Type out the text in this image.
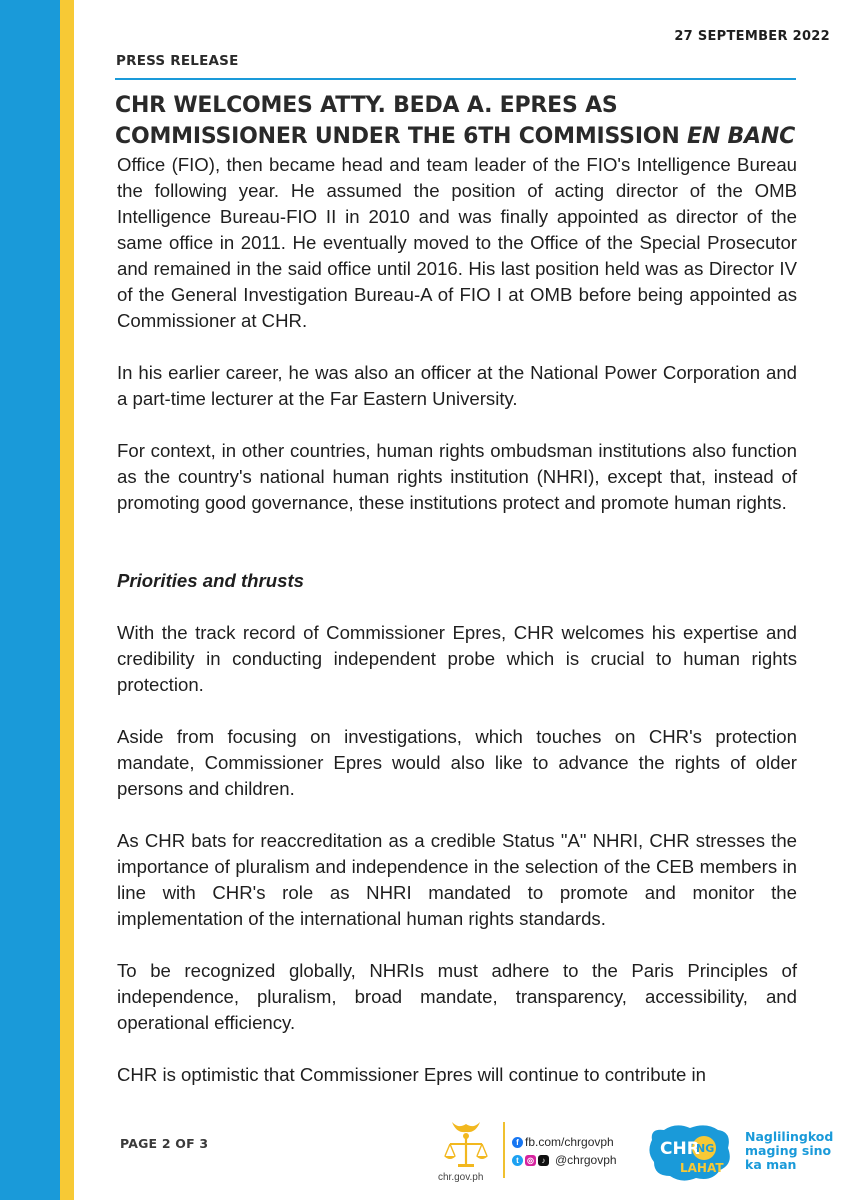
27 SEPTEMBER 2022
PRESS RELEASE
CHR WELCOMES ATTY. BEDA A. EPRES AS
COMMISSIONER UNDER THE 6TH COMMISSION EN BANC

Office (FIO), then became head and team leader of the FIO's Intelligence Bureau the following year. He assumed the position of acting director of the OMB Intelligence Bureau-FIO II in 2010 and was finally appointed as director of the same office in 2011. He eventually moved to the Office of the Special Prosecutor and remained in the said office until 2016. His last position held was as Director IV of the General Investigation Bureau-A of FIO I at OMB before being appointed as Commissioner at CHR.

In his earlier career, he was also an officer at the National Power Corporation and a part-time lecturer at the Far Eastern University.

For context, in other countries, human rights ombudsman institutions also function as the country's national human rights institution (NHRI), except that, instead of promoting good governance, these institutions protect and promote human rights.

Priorities and thrusts

With the track record of Commissioner Epres, CHR welcomes his expertise and credibility in conducting independent probe which is crucial to human rights protection.

Aside from focusing on investigations, which touches on CHR's protection mandate, Commissioner Epres would also like to advance the rights of older persons and children.

As CHR bats for reaccreditation as a credible Status "A" NHRI, CHR stresses the importance of pluralism and independence in the selection of the CEB members in line with CHR's role as NHRI mandated to promote and monitor the implementation of the international human rights standards.

To be recognized globally, NHRIs must adhere to the Paris Principles of independence, pluralism, broad mandate, transparency, accessibility, and operational efficiency.

CHR is optimistic that Commissioner Epres will continue to contribute in

PAGE 2 OF 3
chr.gov.ph
f fb.com/chrgovph
t	◎ ♪ @chrgovph
CHR
NG
LAHAT
Naglilingkod
maging sino
ka man
